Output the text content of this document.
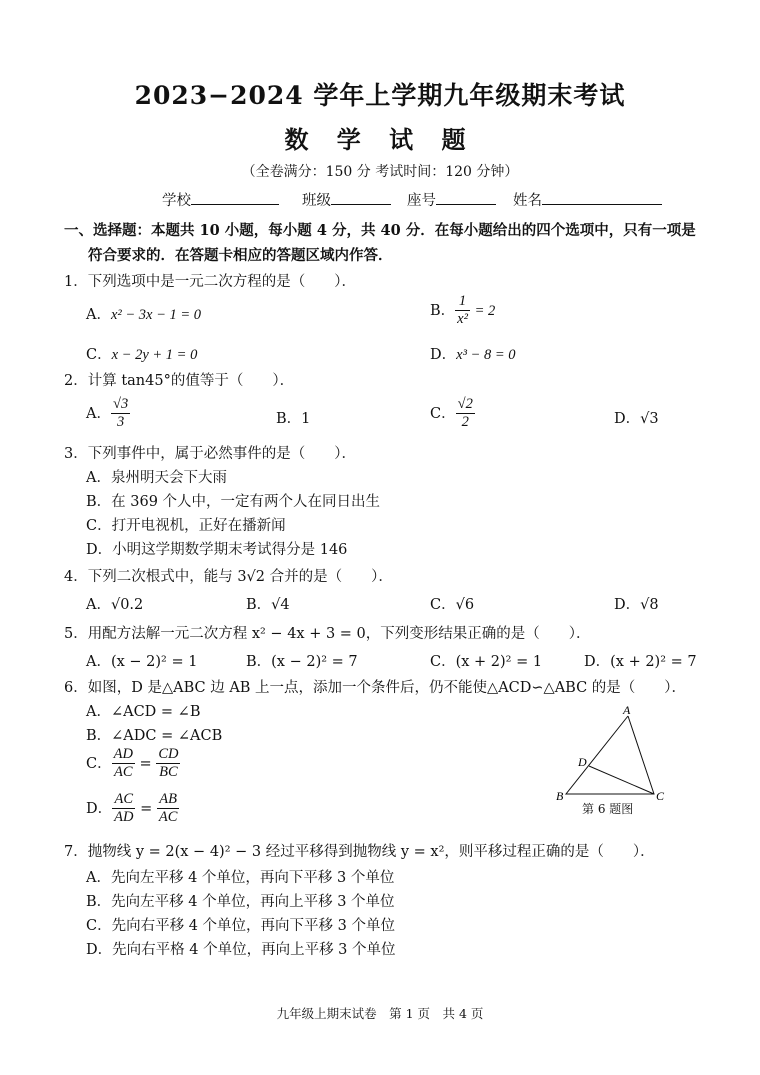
2023−2024 学年上学期九年级期末考试
数 学 试 题
（全卷满分：150 分 考试时间：120 分钟）
学校	班级	座号	姓名
一、选择题：本题共 10 小题，每小题 4 分，共 40 分．在每小题给出的四个选项中，只有一项是
符合要求的．在答题卡相应的答题区域内作答．
1．下列选项中是一元二次方程的是（　　）．
A．x² − 3x − 1 = 0	B． $\frac{1}{\text{x²}} = 2$
C．x − 2y + 1 = 0	D．x³ − 8 = 0
2．计算 tan45°的值等于（　　）．
A． $\frac{√3}{3}$	B．1	C． $\frac{√2}{2}$	D．√3
3．下列事件中，属于必然事件的是（　　）．
A．泉州明天会下大雨
B．在 369 个人中，一定有两个人在同日出生
C．打开电视机，正好在播新闻
D．小明这学期数学期末考试得分是 146
4．下列二次根式中，能与 3√2 合并的是（　　）．
A．√0.2	B．√4	C．√6	D．√8
5．用配方法解一元二次方程 x² − 4x + 3 = 0，下列变形结果正确的是（　　）．
A．(x − 2)² = 1	B．(x − 2)² = 7	C．(x + 2)² = 1	D．(x + 2)² = 7
6．如图，D 是△ABC 边 AB 上一点，添加一个条件后，仍不能使△ACD∽△ABC 的是（　　）．
A．∠ACD = ∠B
B．∠ADC = ∠ACB
C． $\frac{AD}{AC} = \frac{CD}{BC}$
D． $\frac{AC}{AD} = \frac{AB}{AC}$
A
D
B	C
第 6 题图
7．抛物线 y = 2(x − 4)² − 3 经过平移得到抛物线 y = x²，则平移过程正确的是（　　）．
A．先向左平移 4 个单位，再向下平移 3 个单位
B．先向左平移 4 个单位，再向上平移 3 个单位
C．先向右平移 4 个单位，再向下平移 3 个单位
D．先向右平格 4 个单位，再向上平移 3 个单位
九年级上期末试卷　第 1 页　共 4 页
